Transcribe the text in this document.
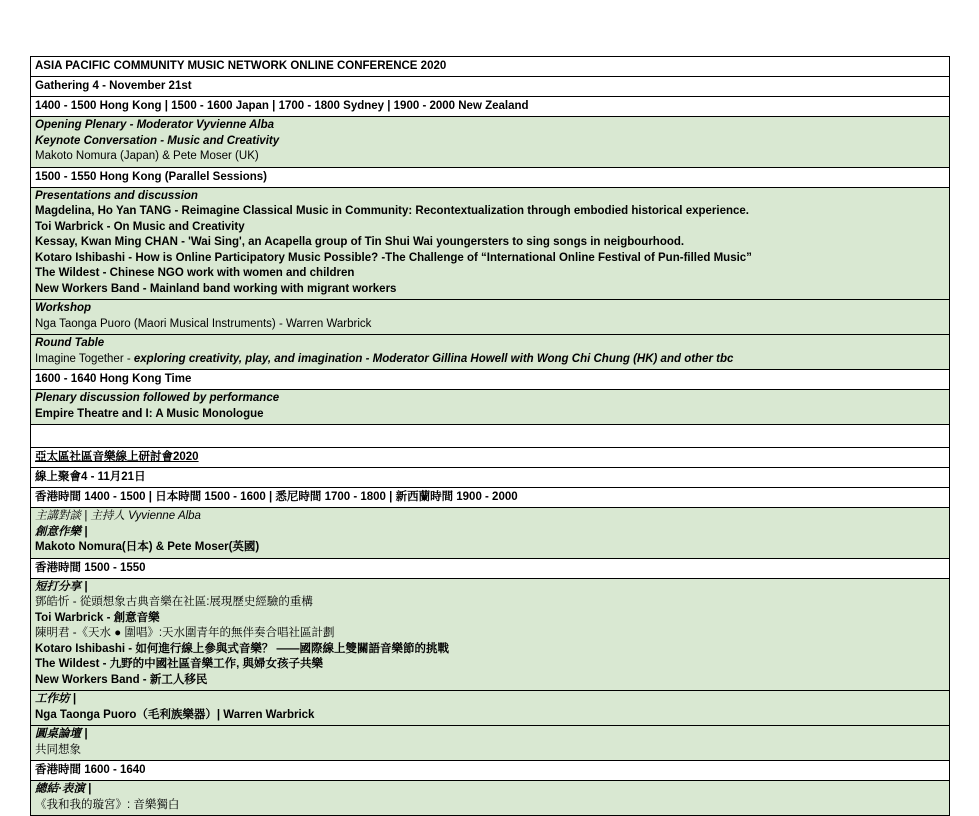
ASIA PACIFIC COMMUNITY MUSIC NETWORK ONLINE CONFERENCE 2020
Gathering 4 - November 21st
1400 - 1500 Hong Kong | 1500 - 1600 Japan | 1700 - 1800 Sydney | 1900 - 2000 New Zealand
Opening Plenary - Moderator Vyvienne Alba
Keynote Conversation - Music and Creativity
Makoto Nomura (Japan) & Pete Moser (UK)
1500 - 1550 Hong Kong (Parallel Sessions)
Presentations and discussion
Magdelina, Ho Yan TANG - Reimagine Classical Music in Community: Recontextualization through embodied historical experience.
Toi Warbrick - On Music and Creativity
Kessay, Kwan Ming CHAN - 'Wai Sing', an Acapella group of Tin Shui Wai youngersters to sing songs in neigbourhood.
Kotaro Ishibashi - How is Online Participatory Music Possible? -The Challenge of “International Online Festival of Pun-filled Music”
The Wildest - Chinese NGO work with women and children
New Workers Band - Mainland band working with migrant workers
Workshop
Nga Taonga Puoro (Maori Musical Instruments) - Warren Warbrick
Round Table
Imagine Together - exploring creativity, play, and imagination - Moderator Gillina Howell with Wong Chi Chung (HK) and other tbc
1600 - 1640 Hong Kong Time
Plenary discussion followed by performance
Empire Theatre and I: A Music Monologue
亞太區社區音樂線上研討會2020
線上聚會4 - 11月21日
香港時間 1400 - 1500 | 日本時間 1500 - 1600 | 悉尼時間 1700 - 1800 | 新西蘭時間 1900 - 2000
主講對談 | 主持人 Vyvienne Alba
創意作樂 |
Makoto Nomura(日本) & Pete Moser(英國)
香港時間 1500 - 1550
短打分享 |
鄧皓忻 - 從頭想象古典音樂在社區:展現歷史經驗的重構
Toi Warbrick - 創意音樂
陳明君 -《天水 ● 圍唱》:天水圍青年的無伴奏合唱社區計劃
Kotaro Ishibashi - 如何進行線上參與式音樂？ ——國際線上雙關語音樂節的挑戰
The Wildest - 九野的中國社區音樂工作, 與婦女孩子共樂
New Workers Band - 新工人移民
工作坊 |
Nga Taonga Puoro（毛利族樂器）| Warren Warbrick
圓桌論壇 |
共同想象
香港時間 1600 - 1640
總結·表演 |
《我和我的璇宮》: 音樂獨白
